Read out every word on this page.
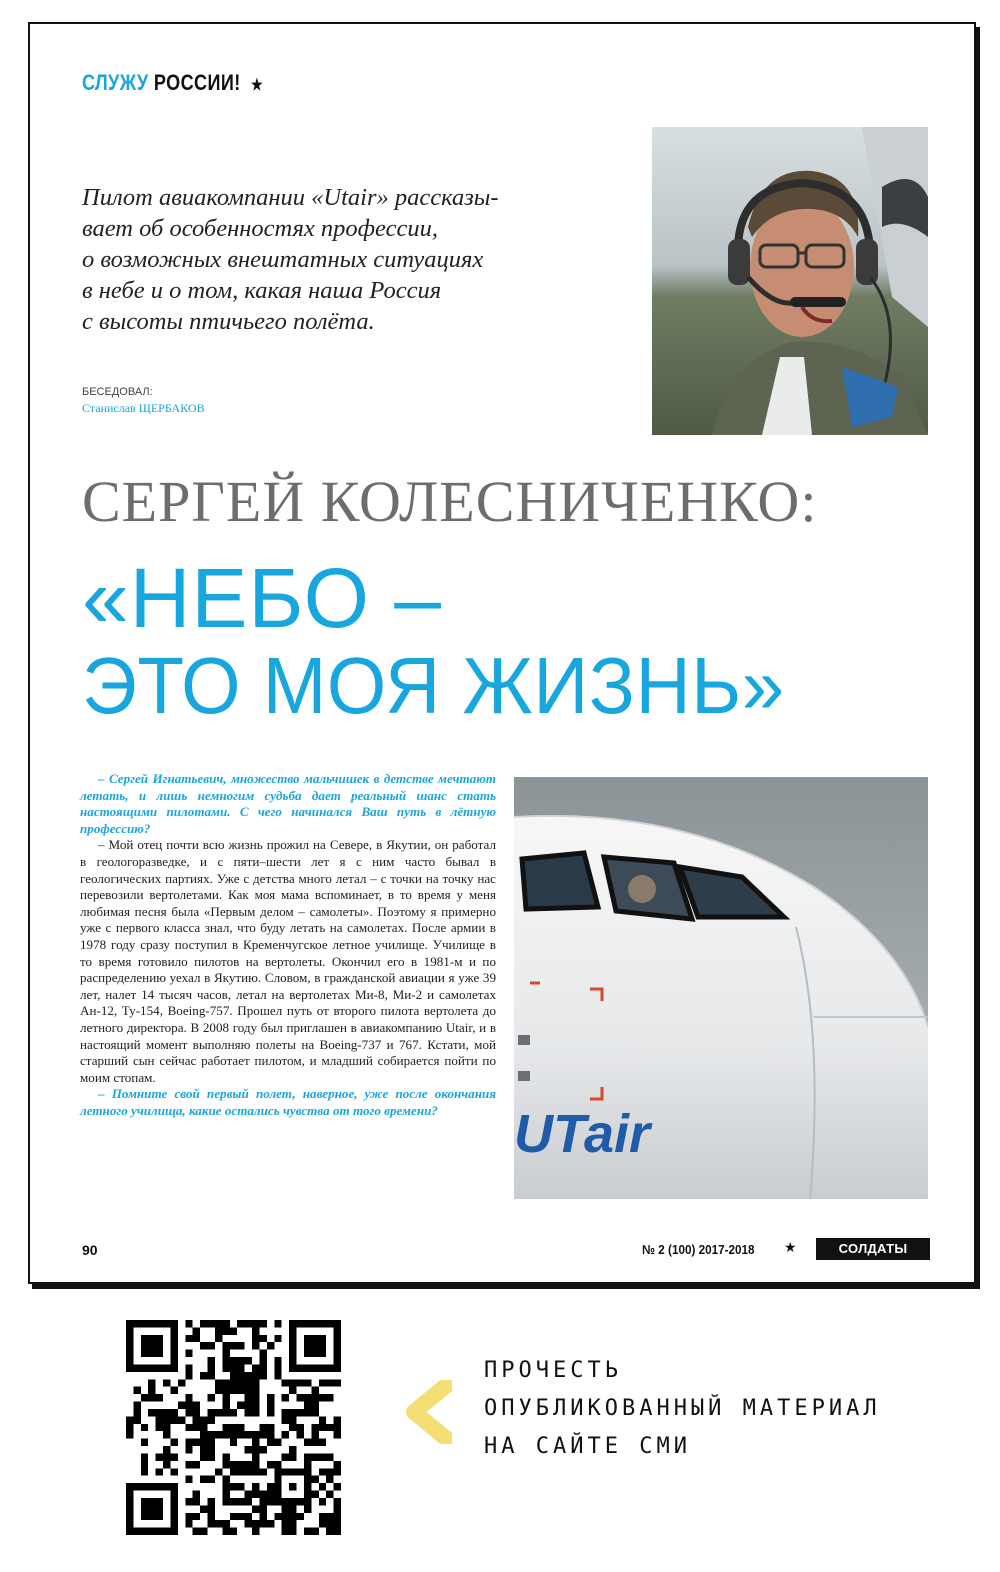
СЛУЖУ РОССИИ! ★
Пилот авиакомпании «Utair» рассказы-
вает об особенностях профессии,
о возможных внештатных ситуациях
в небе и о том, какая наша Россия
с высоты птичьего полёта.
БЕСЕДОВАЛ:
Станислав ЩЕРБАКОВ
СЕРГЕЙ КОЛЕСНИЧЕНКО:
«НЕБО –
ЭТО МОЯ ЖИЗНЬ»
– Сергей Игнатьевич, множество мальчишек в детстве мечтают летать, и лишь немногим судьба дает реальный шанс стать настоящими пилотами. С чего начинался Ваш путь в лётную профессию?
– Мой отец почти всю жизнь прожил на Севере, в Якутии, он работал в геологоразведке, и с пяти–шести лет я с ним часто бывал в геологических партиях. Уже с детства много летал – с точки на точку нас перевозили вертолетами. Как моя мама вспоминает, в то время у меня любимая песня была «Первым делом – самолеты». Поэтому я примерно уже с первого класса знал, что буду летать на самолетах. После армии в 1978 году сразу поступил в Кременчугское летное училище. Училище в то время готовило пилотов на вертолеты. Окончил его в 1981-м и по распределению уехал в Якутию. Словом, в гражданской авиации я уже 39 лет, налет 14 тысяч часов, летал на вертолетах Ми-8, Ми-2 и самолетах Ан-12, Ту-154, Boeing-757. Прошел путь от второго пилота вертолета до летного директора. В 2008 году был приглашен в авиакомпанию Utair, и в настоящий момент выполняю полеты на Boeing-737 и 767. Кстати, мой старший сын сейчас работает пилотом, и младший собирается пойти по моим стопам.
– Помните свой первый полет, наверное, уже после окончания летного училища, какие остались чувства от того времени?	UTair
90	№ 2 (100) 2017-2018 ★	СОЛДАТЫ РОССИИ
ПРОЧЕСТЬ
ОПУБЛИКОВАННЫЙ МАТЕРИАЛ
НА САЙТЕ СМИ
